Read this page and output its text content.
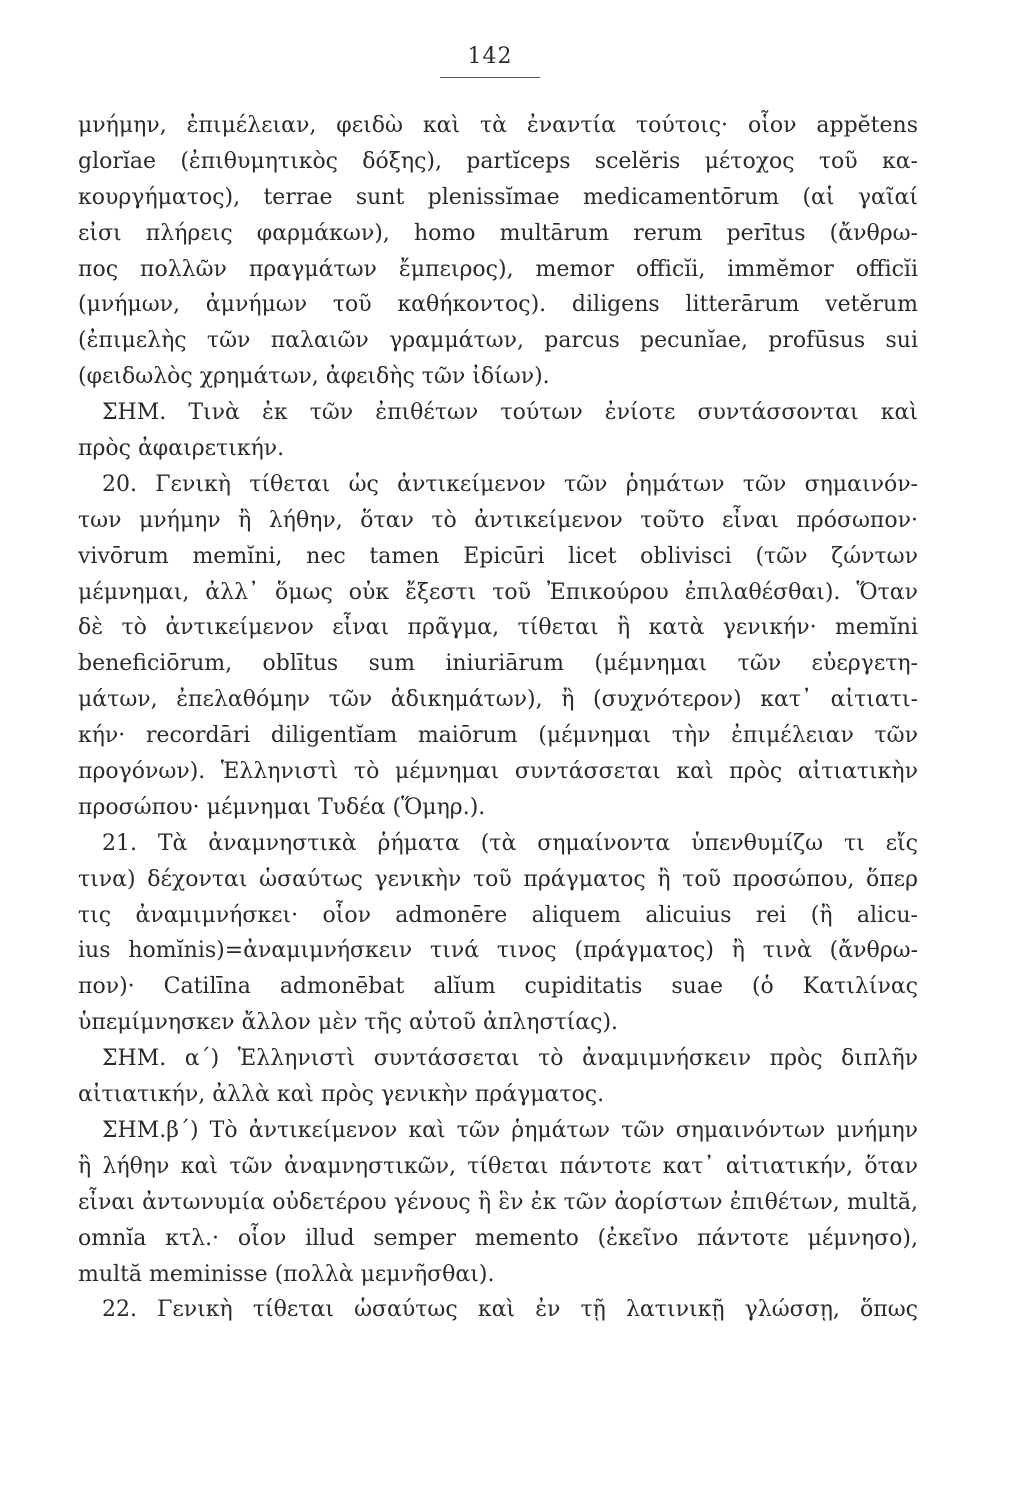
142
μνήμην, ἐπιμέλειαν, φειδὼ καὶ τὰ ἐναντία τούτοις· οἷον appĕtens
glorĭae (ἐπιθυμητικὸς δόξης), partĭceps scelĕris μέτοχος τοῦ κα-
κουργήματος), terrae sunt plenissĭmae medicamentōrum (αἱ γαῖαί
εἰσι πλήρεις φαρμάκων), homo multārum rerum perītus (ἄνθρω-
πος πολλῶν πραγμάτων ἔμπειρος), memor officĭi, immĕmor officĭi
(μνήμων, ἀμνήμων τοῦ καθήκοντος). diligens litterārum vetĕrum
(ἐπιμελὴς τῶν παλαιῶν γραμμάτων, parcus pecunĭae, profūsus sui
(φειδωλὸς χρημάτων, ἀφειδὴς τῶν ἰδίων).
ΣΗΜ. Τινὰ ἐκ τῶν ἐπιθέτων τούτων ἐνίοτε συντάσσονται καὶ
πρὸς ἀφαιρετικήν.
20. Γενικὴ τίθεται ὡς ἀντικείμενον τῶν ῥημάτων τῶν σημαινόν-
των μνήμην ἢ λήθην, ὅταν τὸ ἀντικείμενον τοῦτο εἶναι πρόσωπον·
vivōrum memĭni, nec tamen Epicūri licet oblivisci (τῶν ζώντων
μέμνημαι, ἀλλ᾽ ὅμως οὐκ ἔξεστι τοῦ Ἐπικούρου ἐπιλαθέσθαι). Ὅταν
δὲ τὸ ἀντικείμενον εἶναι πρᾶγμα, τίθεται ἢ κατὰ γενικήν· memĭni
beneficiōrum, oblītus sum iniuriārum (μέμνημαι τῶν εὐεργετη-
μάτων, ἐπελαθόμην τῶν ἀδικημάτων), ἢ (συχνότερον) κατ᾽ αἰτιατι-
κήν· recordāri diligentĭam maiōrum (μέμνημαι τὴν ἐπιμέλειαν τῶν
προγόνων). Ἑλληνιστὶ τὸ μέμνημαι συντάσσεται καὶ πρὸς αἰτιατικὴν
προσώπου· μέμνημαι Τυδέα (Ὅμηρ.).
21. Τὰ ἀναμνηστικὰ ῥήματα (τὰ σημαίνοντα ὑπενθυμίζω τι εἴς
τινα) δέχονται ὡσαύτως γενικὴν τοῦ πράγματος ἢ τοῦ προσώπου, ὅπερ
τις ἀναμιμνήσκει· οἷον admonēre aliquem alicuius rei (ἢ alicu-
ius homĭnis)=ἀναμιμνήσκειν τινά τινος (πράγματος) ἢ τινὰ (ἄνθρω-
πον)· Catilīna admonēbat alĭum cupiditatis suae (ὁ Κατιλίνας
ὑπεμίμνησκεν ἄλλον μὲν τῆς αὐτοῦ ἀπληστίας).
ΣΗΜ. α΄) Ἑλληνιστὶ συντάσσεται τὸ ἀναμιμνήσκειν πρὸς διπλῆν
αἰτιατικήν, ἀλλὰ καὶ πρὸς γενικὴν πράγματος.
ΣΗΜ.β΄) Τὸ ἀντικείμενον καὶ τῶν ῥημάτων τῶν σημαινόντων μνήμην
ἢ λήθην καὶ τῶν ἀναμνηστικῶν, τίθεται πάντοτε κατ᾽ αἰτιατικήν, ὅταν
εἶναι ἀντωνυμία οὐδετέρου γένους ἢ ἓν ἐκ τῶν ἀορίστων ἐπιθέτων, multă,
omnĭa κτλ.· οἷον illud semper memento (ἐκεῖνο πάντοτε μέμνησο),
multă meminisse (πολλὰ μεμνῆσθαι).
22. Γενικὴ τίθεται ὡσαύτως καὶ ἐν τῇ λατινικῇ γλώσσῃ, ὅπως
